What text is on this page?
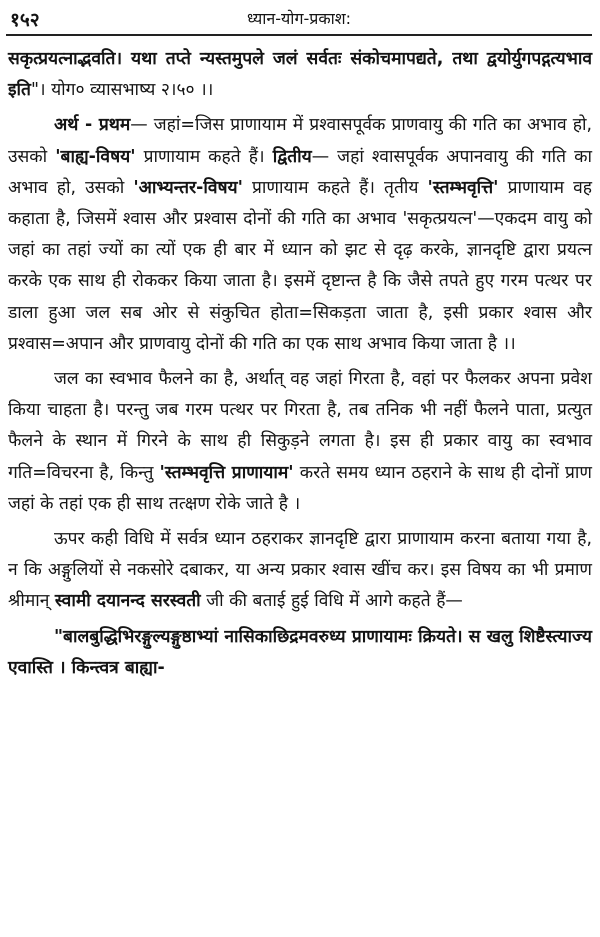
१५२	ध्यान-योग-प्रकाश:

सकृत्प्रयत्नाद्भवति। यथा तप्ते न्यस्तमुपले जलं सर्वतः संकोचमापद्यते, तथा द्वयोर्युगपद्गत्यभाव इति"। योग० व्यासभाष्य २।५० ।।

अर्थ - प्रथम— जहां=जिस प्राणायाम में प्रश्वासपूर्वक प्राणवायु की गति का अभाव हो, उसको 'बाह्य-विषय' प्राणायाम कहते हैं। द्वितीय— जहां श्वासपूर्वक अपानवायु की गति का अभाव हो, उसको 'आभ्यन्तर-विषय' प्राणायाम कहते हैं। तृतीय 'स्तम्भवृत्ति' प्राणायाम वह कहाता है, जिसमें श्वास और प्रश्वास दोनों की गति का अभाव 'सकृत्प्रयत्न'—एकदम वायु को जहां का तहां ज्यों का त्यों एक ही बार में ध्यान को झट से दृढ़ करके, ज्ञानदृष्टि द्वारा प्रयत्न करके एक साथ ही रोककर किया जाता है। इसमें दृष्टान्त है कि जैसे तपते हुए गरम पत्थर पर डाला हुआ जल सब ओर से संकुचित होता=सिकड़ता जाता है, इसी प्रकार श्वास और प्रश्वास=अपान और प्राणवायु दोनों की गति का एक साथ अभाव किया जाता है ।।

जल का स्वभाव फैलने का है, अर्थात् वह जहां गिरता है, वहां पर फैलकर अपना प्रवेश किया चाहता है। परन्तु जब गरम पत्थर पर गिरता है, तब तनिक भी नहीं फैलने पाता, प्रत्युत फैलने के स्थान में गिरने के साथ ही सिकुड़ने लगता है। इस ही प्रकार वायु का स्वभाव गति=विचरना है, किन्तु 'स्तम्भवृत्ति प्राणायाम' करते समय ध्यान ठहराने के साथ ही दोनों प्राण जहां के तहां एक ही साथ तत्क्षण रोके जाते है ।

ऊपर कही विधि में सर्वत्र ध्यान ठहराकर ज्ञानदृष्टि द्वारा प्राणायाम करना बताया गया है, न कि अङ्गुलियों से नकसोरे दबाकर, या अन्य प्रकार श्वास खींच कर। इस विषय का भी प्रमाण श्रीमान् स्वामी दयानन्द सरस्वती जी की बताई हुई विधि में आगे कहते हैं—

"बालबुद्धिभिरङ्गुल्यङ्गुष्ठाभ्यां नासिकाछिद्रमवरुध्य प्राणायामः क्रियते। स खलु शिष्टैस्त्याज्य एवास्ति । किन्त्वत्र बाह्या-
